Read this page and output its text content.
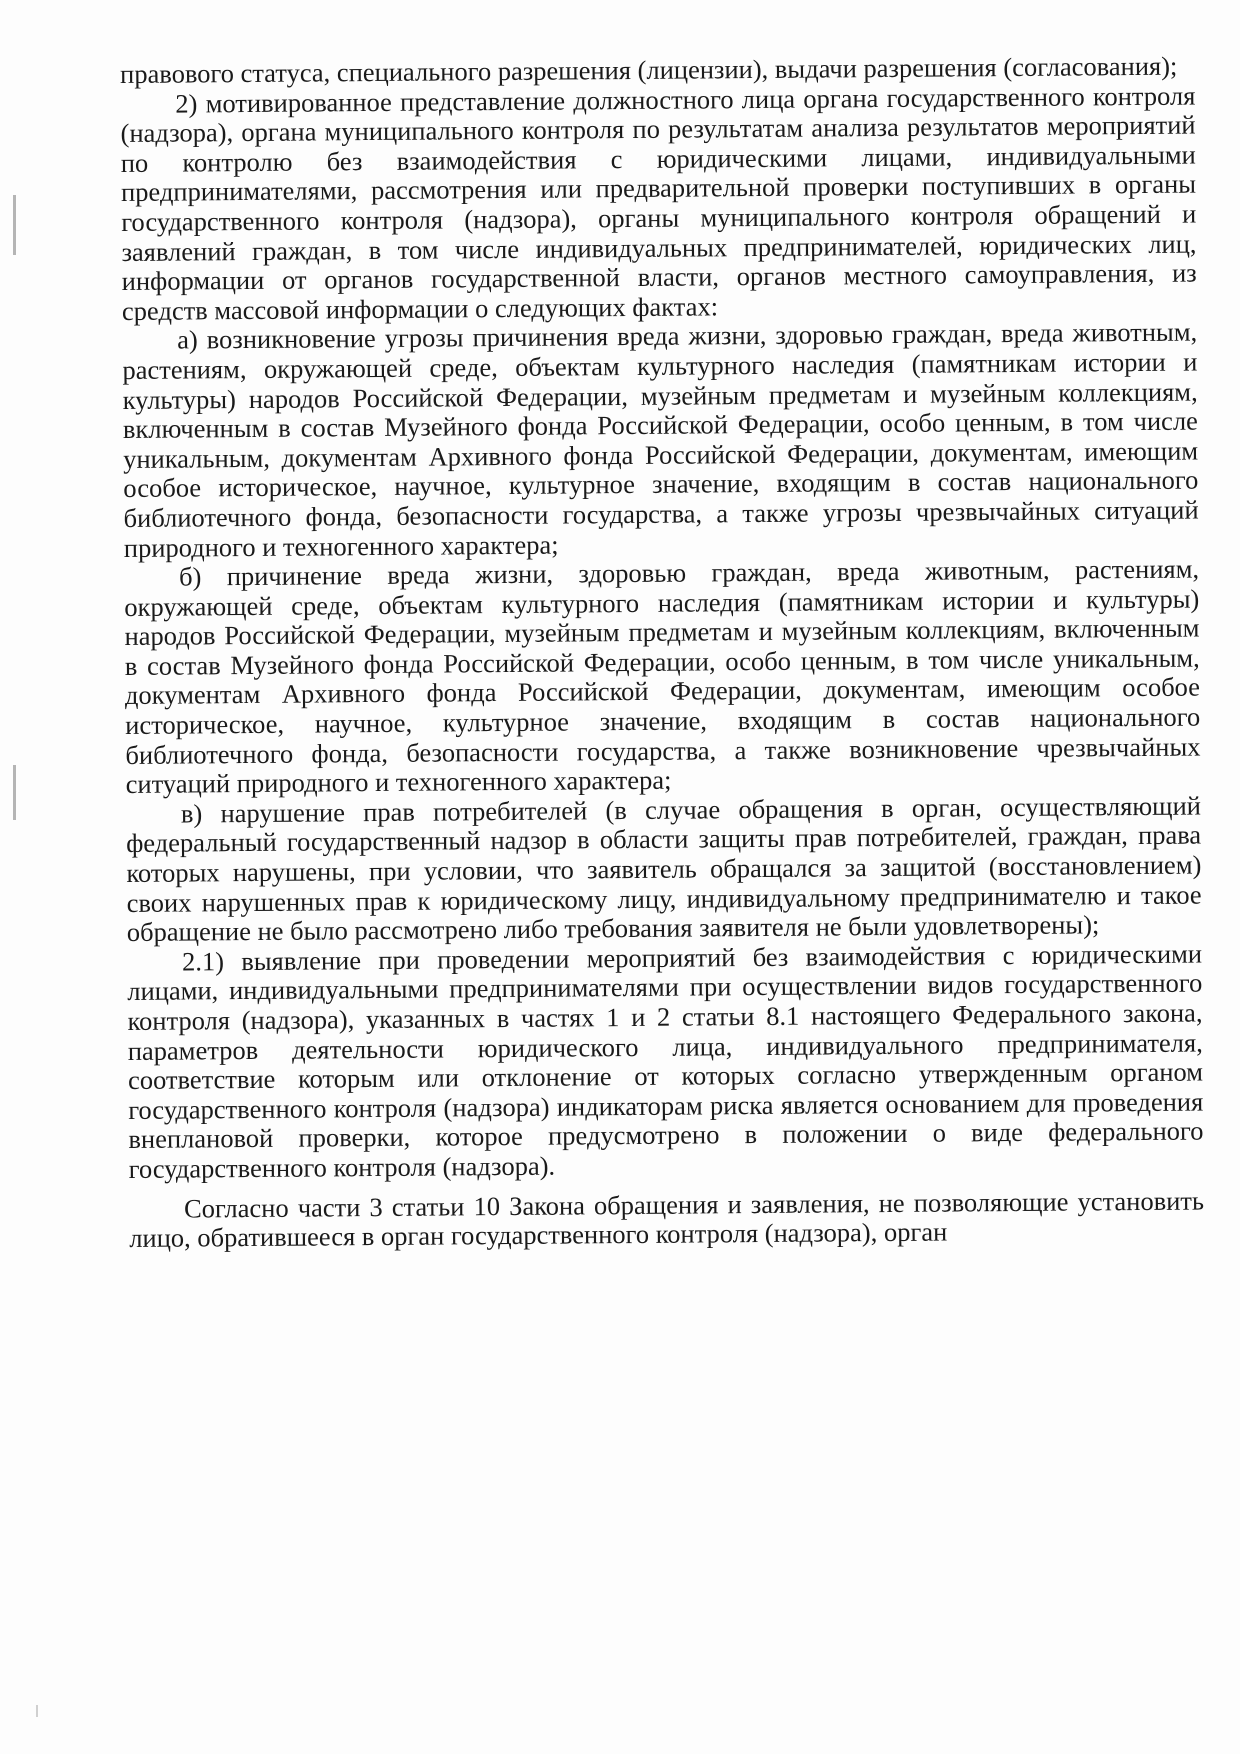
правового статуса, специального разрешения (лицензии), выдачи разрешения (согласования);

2) мотивированное представление должностного лица органа государственного контроля (надзора), органа муниципального контроля по результатам анализа результатов мероприятий по контролю без взаимодействия с юридическими лицами, индивидуальными предпринимателями, рассмотрения или предварительной проверки поступивших в органы государственного контроля (надзора), органы муниципального контроля обращений и заявлений граждан, в том числе индивидуальных предпринимателей, юридических лиц, информации от органов государственной власти, органов местного самоуправления, из средств массовой информации о следующих фактах:

а) возникновение угрозы причинения вреда жизни, здоровью граждан, вреда животным, растениям, окружающей среде, объектам культурного наследия (памятникам истории и культуры) народов Российской Федерации, музейным предметам и музейным коллекциям, включенным в состав Музейного фонда Российской Федерации, особо ценным, в том числе уникальным, документам Архивного фонда Российской Федерации, документам, имеющим особое историческое, научное, культурное значение, входящим в состав национального библиотечного фонда, безопасности государства, а также угрозы чрезвычайных ситуаций природного и техногенного характера;

б) причинение вреда жизни, здоровью граждан, вреда животным, растениям, окружающей среде, объектам культурного наследия (памятникам истории и культуры) народов Российской Федерации, музейным предметам и музейным коллекциям, включенным в состав Музейного фонда Российской Федерации, особо ценным, в том числе уникальным, документам Архивного фонда Российской Федерации, документам, имеющим особое историческое, научное, культурное значение, входящим в состав национального библиотечного фонда, безопасности государства, а также возникновение чрезвычайных ситуаций природного и техногенного характера;

в) нарушение прав потребителей (в случае обращения в орган, осуществляющий федеральный государственный надзор в области защиты прав потребителей, граждан, права которых нарушены, при условии, что заявитель обращался за защитой (восстановлением) своих нарушенных прав к юридическому лицу, индивидуальному предпринимателю и такое обращение не было рассмотрено либо требования заявителя не были удовлетворены);

2.1) выявление при проведении мероприятий без взаимодействия с юридическими лицами, индивидуальными предпринимателями при осуществлении видов государственного контроля (надзора), указанных в частях 1 и 2 статьи 8.1 настоящего Федерального закона, параметров деятельности юридического лица, индивидуального предпринимателя, соответствие которым или отклонение от которых согласно утвержденным органом государственного контроля (надзора) индикаторам риска является основанием для проведения внеплановой проверки, которое предусмотрено в положении о виде федерального государственного контроля (надзора).

Согласно части 3 статьи 10 Закона обращения и заявления, не позволяющие установить лицо, обратившееся в орган государственного контроля (надзора), орган
